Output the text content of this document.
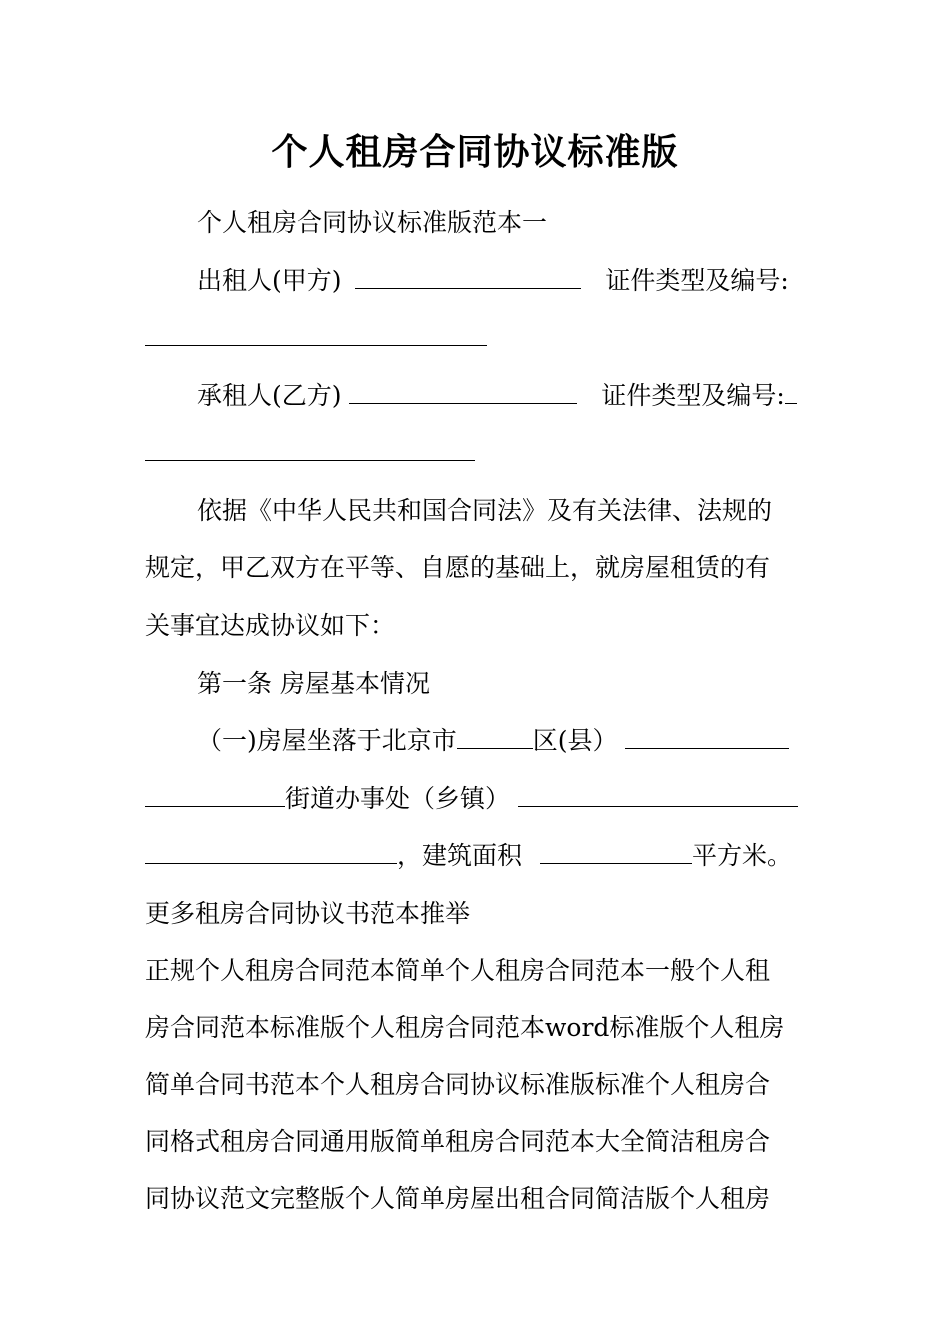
个人租房合同协议标准版
个人租房合同协议标准版范本一
出租人(甲方)	证件类型及编号:
承租人(乙方)	证件类型及编号:
依据《中华人民共和国合同法》及有关法律、法规的
规定，甲乙双方在平等、自愿的基础上，就房屋租赁的有
关事宜达成协议如下：
第一条 房屋基本情况
（一)房屋坐落于北京市	区(县）
街道办事处（乡镇）
，建筑面积	平方米。
更多租房合同协议书范本推举
正规个人租房合同范本简单个人租房合同范本一般个人租
房合同范本标准版个人租房合同范本word标准版个人租房
简单合同书范本个人租房合同协议标准版标准个人租房合
同格式租房合同通用版简单租房合同范本大全简洁租房合
同协议范文完整版个人简单房屋出租合同简洁版个人租房
